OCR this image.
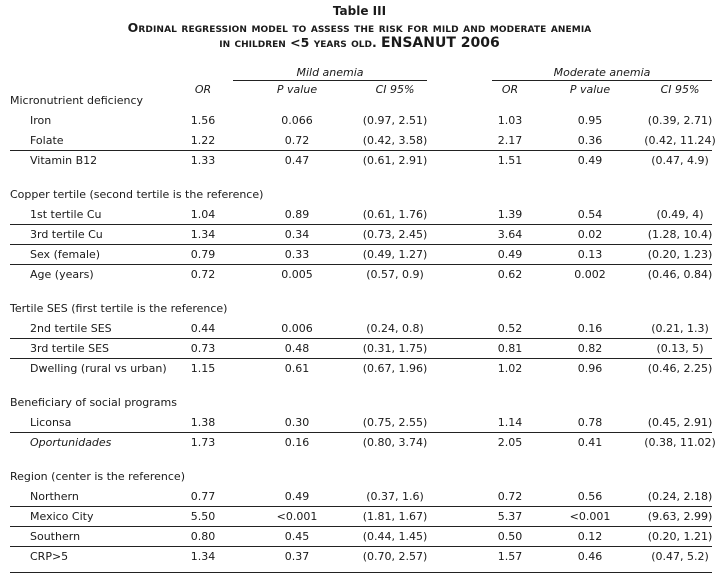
Table III
Ordinal regression model to assess the risk for mild and moderate anemia
in children <5 years old. ENSANUT 2006
Mild anemia	Moderate anemia
OR	P value	CI 95%	OR	P value	CI 95%
Micronutrient deficiency
Iron	1.56	0.066	(0.97, 2.51)	1.03	0.95	(0.39, 2.71)
Folate	1.22	0.72	(0.42, 3.58)	2.17	0.36	(0.42, 11.24)
Vitamin B12	1.33	0.47	(0.61, 2.91)	1.51	0.49	(0.47, 4.9)
Copper tertile (second tertile is the reference)
1st tertile Cu	1.04	0.89	(0.61, 1.76)	1.39	0.54	(0.49, 4)
3rd tertile Cu	1.34	0.34	(0.73, 2.45)	3.64	0.02	(1.28, 10.4)
Sex (female)	0.79	0.33	(0.49, 1.27)	0.49	0.13	(0.20, 1.23)
Age (years)	0.72	0.005	(0.57, 0.9)	0.62	0.002	(0.46, 0.84)
Tertile SES (first tertile is the reference)
2nd tertile SES	0.44	0.006	(0.24, 0.8)	0.52	0.16	(0.21, 1.3)
3rd tertile SES	0.73	0.48	(0.31, 1.75)	0.81	0.82	(0.13, 5)
Dwelling (rural vs urban) 1.15	0.61	(0.67, 1.96)	1.02	0.96	(0.46, 2.25)
Beneficiary of social programs
Liconsa	1.38	0.30	(0.75, 2.55)	1.14	0.78	(0.45, 2.91)
Oportunidades	1.73	0.16	(0.80, 3.74)	2.05	0.41	(0.38, 11.02)
Region (center is the reference)
Northern	0.77	0.49	(0.37, 1.6)	0.72	0.56	(0.24, 2.18)
Mexico City	5.50	<0.001	(1.81, 1.67)	5.37	<0.001	(9.63, 2.99)
Southern	0.80	0.45	(0.44, 1.45)	0.50	0.12	(0.20, 1.21)
CRP>5	1.34	0.37	(0.70, 2.57)	1.57	0.46	(0.47, 5.2)
